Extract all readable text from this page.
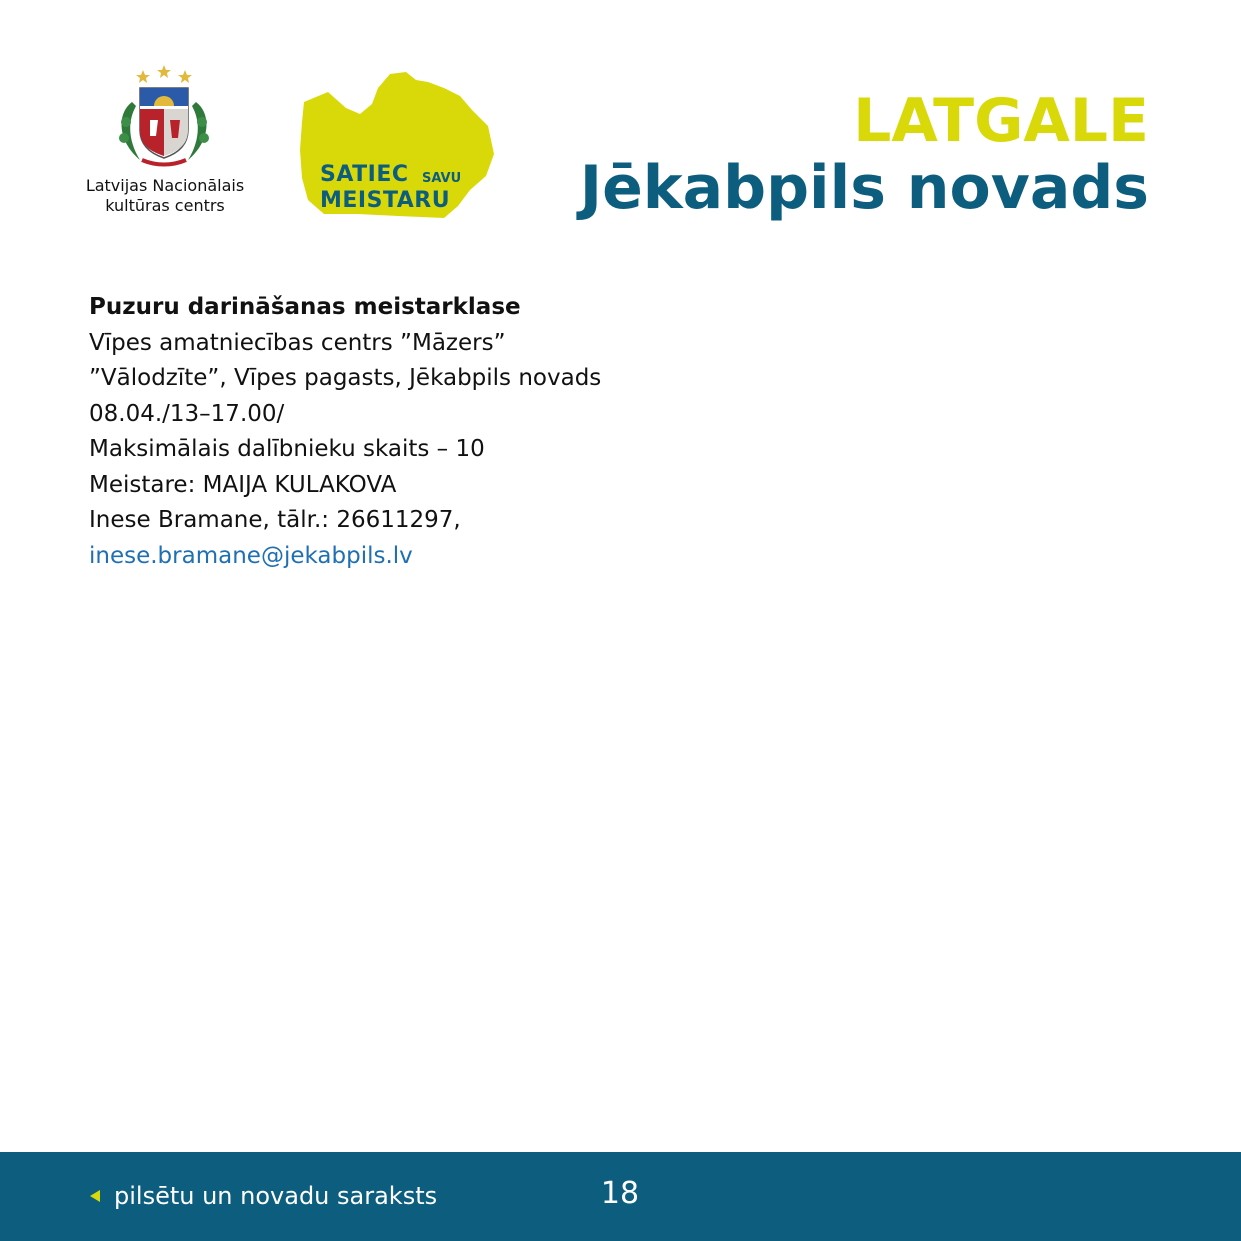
Latvijas Nacionālais
kultūras centrs
SATIEC SAVU
MEISTARU
LATGALE
Jēkabpils novads
Puzuru darināšanas meistarklase
Vīpes amatniecības centrs ”Māzers”
”Vālodzīte”, Vīpes pagasts, Jēkabpils novads
08.04./13–17.00/
Maksimālais dalībnieku skaits – 10
Meistare: MAIJA KULAKOVA
Inese Bramane, tālr.: 26611297,
inese.bramane@jekabpils.lv
pilsētu un novadu saraksts	18
